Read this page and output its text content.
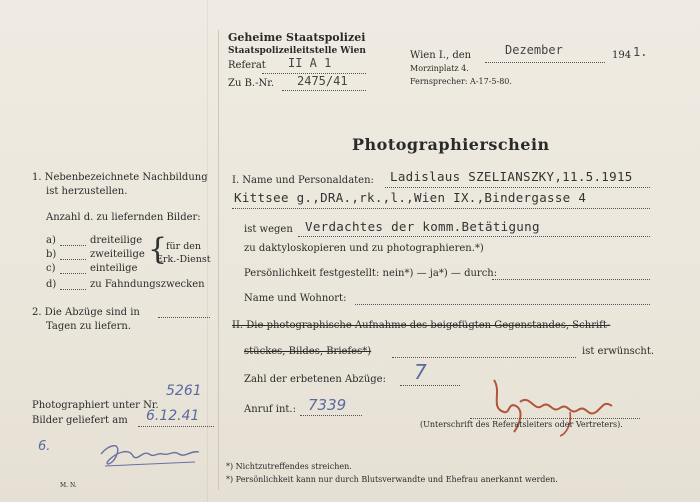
Geheime Staatspolizei
Staatspolizeileitstelle Wien
Referat II A 1
Zu B.-Nr. 2475/41
Wien I., den	Dezember	194 1.
Morzinplatz 4.
Fernsprecher: A-17-5-80.
Photographierschein
1. Nebenbezeichnete Nachbildung
ist herzustellen.
Anzahl d. zu liefernden Bilder:
a)	dreiteilige
b)	zweiteilige
c)	einteilige
d)	zu Fahndungszwecken
{
für den
Erk.-Dienst
2. Die Abzüge sind in
Tagen zu liefern.
Photographiert unter Nr.
5261
Bilder geliefert am 6.12.41
6.
M. N.
I. Name und Personaldaten: Ladislaus SZELIANSZKY,11.5.1915
Kittsee g.,DRA.,rk.,l.,Wien IX.,Bindergasse 4
ist wegen Verdachtes der komm.Betätigung
zu daktyloskopieren und zu photographieren.*)
Persönlichkeit festgestellt: nein*) — ja*) — durch:
Name und Wohnort:
II. Die photographische Aufnahme des beigefügten Gegenstandes, Schrift-
stückes, Bildes, Briefes*)	ist erwünscht.
Zahl der erbetenen Abzüge: 7
Anruf int.: 7339
(Unterschrift des Referatsleiters oder Vertreters).
*) Nichtzutreffendes streichen.
*) Persönlichkeit kann nur durch Blutsverwandte und Ehefrau anerkannt werden.
